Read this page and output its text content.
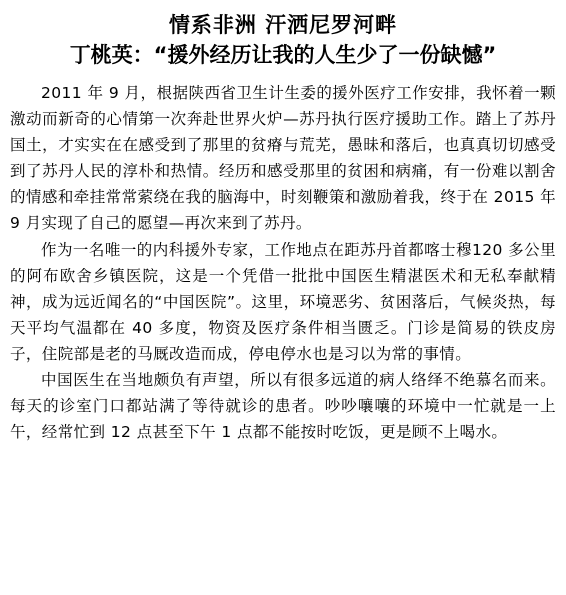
情系非洲 汗洒尼罗河畔
丁桃英：“援外经历让我的人生少了一份缺憾”

2011 年 9 月，根据陕西省卫生计生委的援外医疗工作安排，我怀着一颗激动而新奇的心情第一次奔赴世界火炉—苏丹执行医疗援助工作。踏上了苏丹国土，才实实在在感受到了那里的贫瘠与荒芜，愚昧和落后，也真真切切感受到了苏丹人民的淳朴和热情。经历和感受那里的贫困和病痛，有一份难以割舍的情感和牵挂常常萦绕在我的脑海中，时刻鞭策和激励着我，终于在 2015 年 9 月实现了自己的愿望—再次来到了苏丹。

作为一名唯一的内科援外专家，工作地点在距苏丹首都喀士穆120 多公里的阿布欧舍乡镇医院，这是一个凭借一批批中国医生精湛医术和无私奉献精神，成为远近闻名的“中国医院”。这里，环境恶劣、贫困落后，气候炎热，每天平均气温都在 40 多度，物资及医疗条件相当匮乏。门诊是简易的铁皮房子，住院部是老的马厩改造而成，停电停水也是习以为常的事情。

中国医生在当地颇负有声望，所以有很多远道的病人络绎不绝慕名而来。每天的诊室门口都站满了等待就诊的患者。吵吵嚷嚷的环境中一忙就是一上午，经常忙到 12 点甚至下午 1 点都不能按时吃饭，更是顾不上喝水。
